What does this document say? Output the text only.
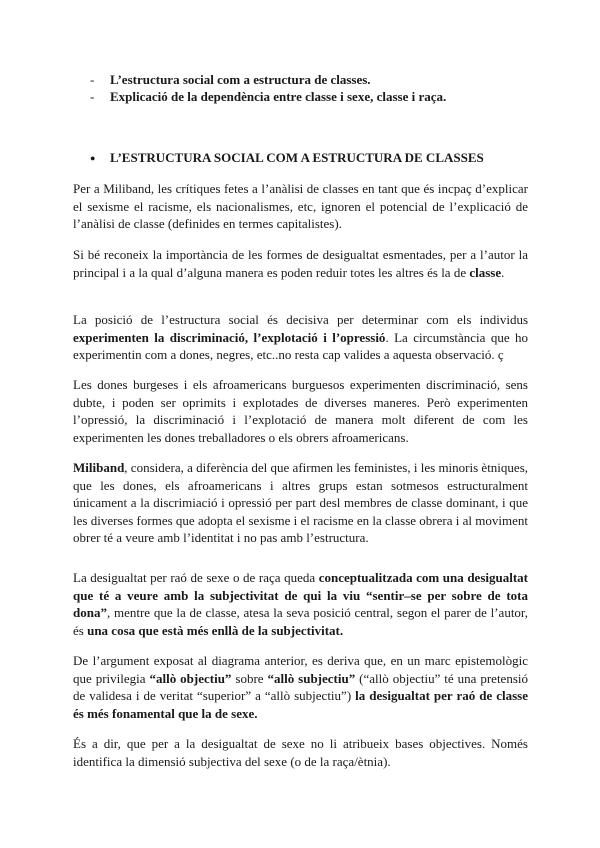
-	L’estructura social com a estructura de classes.
-	Explicació de la dependència entre classe i sexe, classe i raça.
●	L’ESTRUCTURA SOCIAL COM A ESTRUCTURA DE CLASSES

Per a Miliband, les crítiques fetes a l’anàlisi de classes en tant que és incpaç d’explicar el sexisme el racisme, els nacionalismes, etc, ignoren el potencial de l’explicació de l’anàlisi de classe (definides en termes capitalistes).

Si bé reconeix la importància de les formes de desigualtat esmentades, per a l’autor la principal i a la qual d’alguna manera es poden reduir totes les altres és la de classe.

La posició de l’estructura social és decisiva per determinar com els individus experimenten la discriminació, l’explotació i l’opressió. La circumstància que ho experimentin com a dones, negres, etc..no resta cap valides a aquesta observació. ç

Les dones burgeses i els afroamericans burguesos experimenten discriminació, sens dubte, i poden ser oprimits i explotades de diverses maneres. Però experimenten l’opressió, la discriminació i l’explotació de manera molt diferent de com les experimenten les dones treballadores o els obrers afroamericans.

Miliband, considera, a diferència del que afirmen les feministes, i les minoris ètniques, que les dones, els afroamericans i altres grups estan sotmesos estructuralment únicament a la discrimiació i opressió per part desl membres de classe dominant, i que les diverses formes que adopta el sexisme i el racisme en la classe obrera i al moviment obrer té a veure amb l’identitat i no pas amb l’estructura.

La desigualtat per raó de sexe o de raça queda conceptualitzada com una desigualtat que té a veure amb la subjectivitat de qui la viu “sentir–se per sobre de tota dona”, mentre que la de classe, atesa la seva posició central, segon el parer de l’autor, és una cosa que està més enllà de la subjectivitat.

De l’argument exposat al diagrama anterior, es deriva que, en un marc epistemològic que privilegia “allò objectiu” sobre “allò subjectiu” (“allò objectiu” té una pretensió de validesa i de veritat “superior” a “allò subjectiu”) la desigualtat per raó de classe és més fonamental que la de sexe.

És a dir, que per a la desigualtat de sexe no li atribueix bases objectives. Només identifica la dimensió subjectiva del sexe (o de la raça/ètnia).
